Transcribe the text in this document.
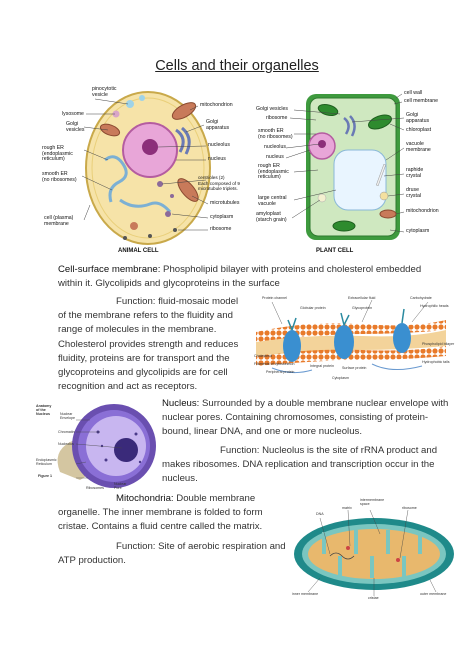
Cells and their organelles
pinocytotic
vesicle
lysosome
Golgi
vesicles
rough ER
(endoplasmic
reticulum)
smooth ER
(no ribosomes)
cell (plasma)
membrane
mitochondrion
Golgi
apparatus
nucleolus
nucleus
centrioles (2)
Each composed of 9
microtubule triplets.
microtubules
cytoplasm
ribosome
ANIMAL CELL
Golgi vesicles
ribosome
smooth ER
(no ribosomes)
nucleolus
nucleus
rough ER
(endoplasmic
reticulum)
large central
vacuole
amyloplast
(starch grain)
cell wall
cell membrane
Golgi
apparatus
chloroplast
vacuole
membrane
raphide
crystal
druse
crystal
mitochondrion
cytoplasm
PLANT CELL
Cell-surface membrane: Phospholipid bilayer with proteins and cholesterol embedded within it. Glycolipids and glycoproteins in the surface
Function: fluid-mosaic model of the membrane refers to the fluidity and range of molecules in the membrane. Cholesterol provides strength and reduces fluidity, proteins are for transport and the glycoproteins and glycolipids are for cell recognition and act as receptors.
Protein channel
Globular protein
Extracellular fluid
Glycoprotein
Carbohydrate
Hydrophilic heads
Phospholipid bilayer
Hydrophobic tails
Cholesterol
Filaments of cytoskeleton
Peripheral protein
Integral protein Surface protein
Cytoplasm
Anatomy
of the
Nucleus	Nuclear
Envelope
Chromatin
Nucleolus
Endoplasmic
Reticulum
Figure 1
Nuclear
Pore
Ribosomes
Nucleus: Surrounded by a double membrane nuclear envelope with nuclear pores. Containing chromosomes, consisting of protein-bound, linear DNA, and one or more nucleolus.
Function: Nucleolus is the site of rRNA product and makes ribosomes. DNA replication and transcription occur in the nucleus.
Mitochondria: Double membrane organelle. The inner membrane is folded to form cristae. Contains a fluid centre called the matrix.
Function: Site of aerobic respiration and ATP production.
intermembrane
space
DNA
matrix	ribosome
inner membrane
cristae
outer membrane
